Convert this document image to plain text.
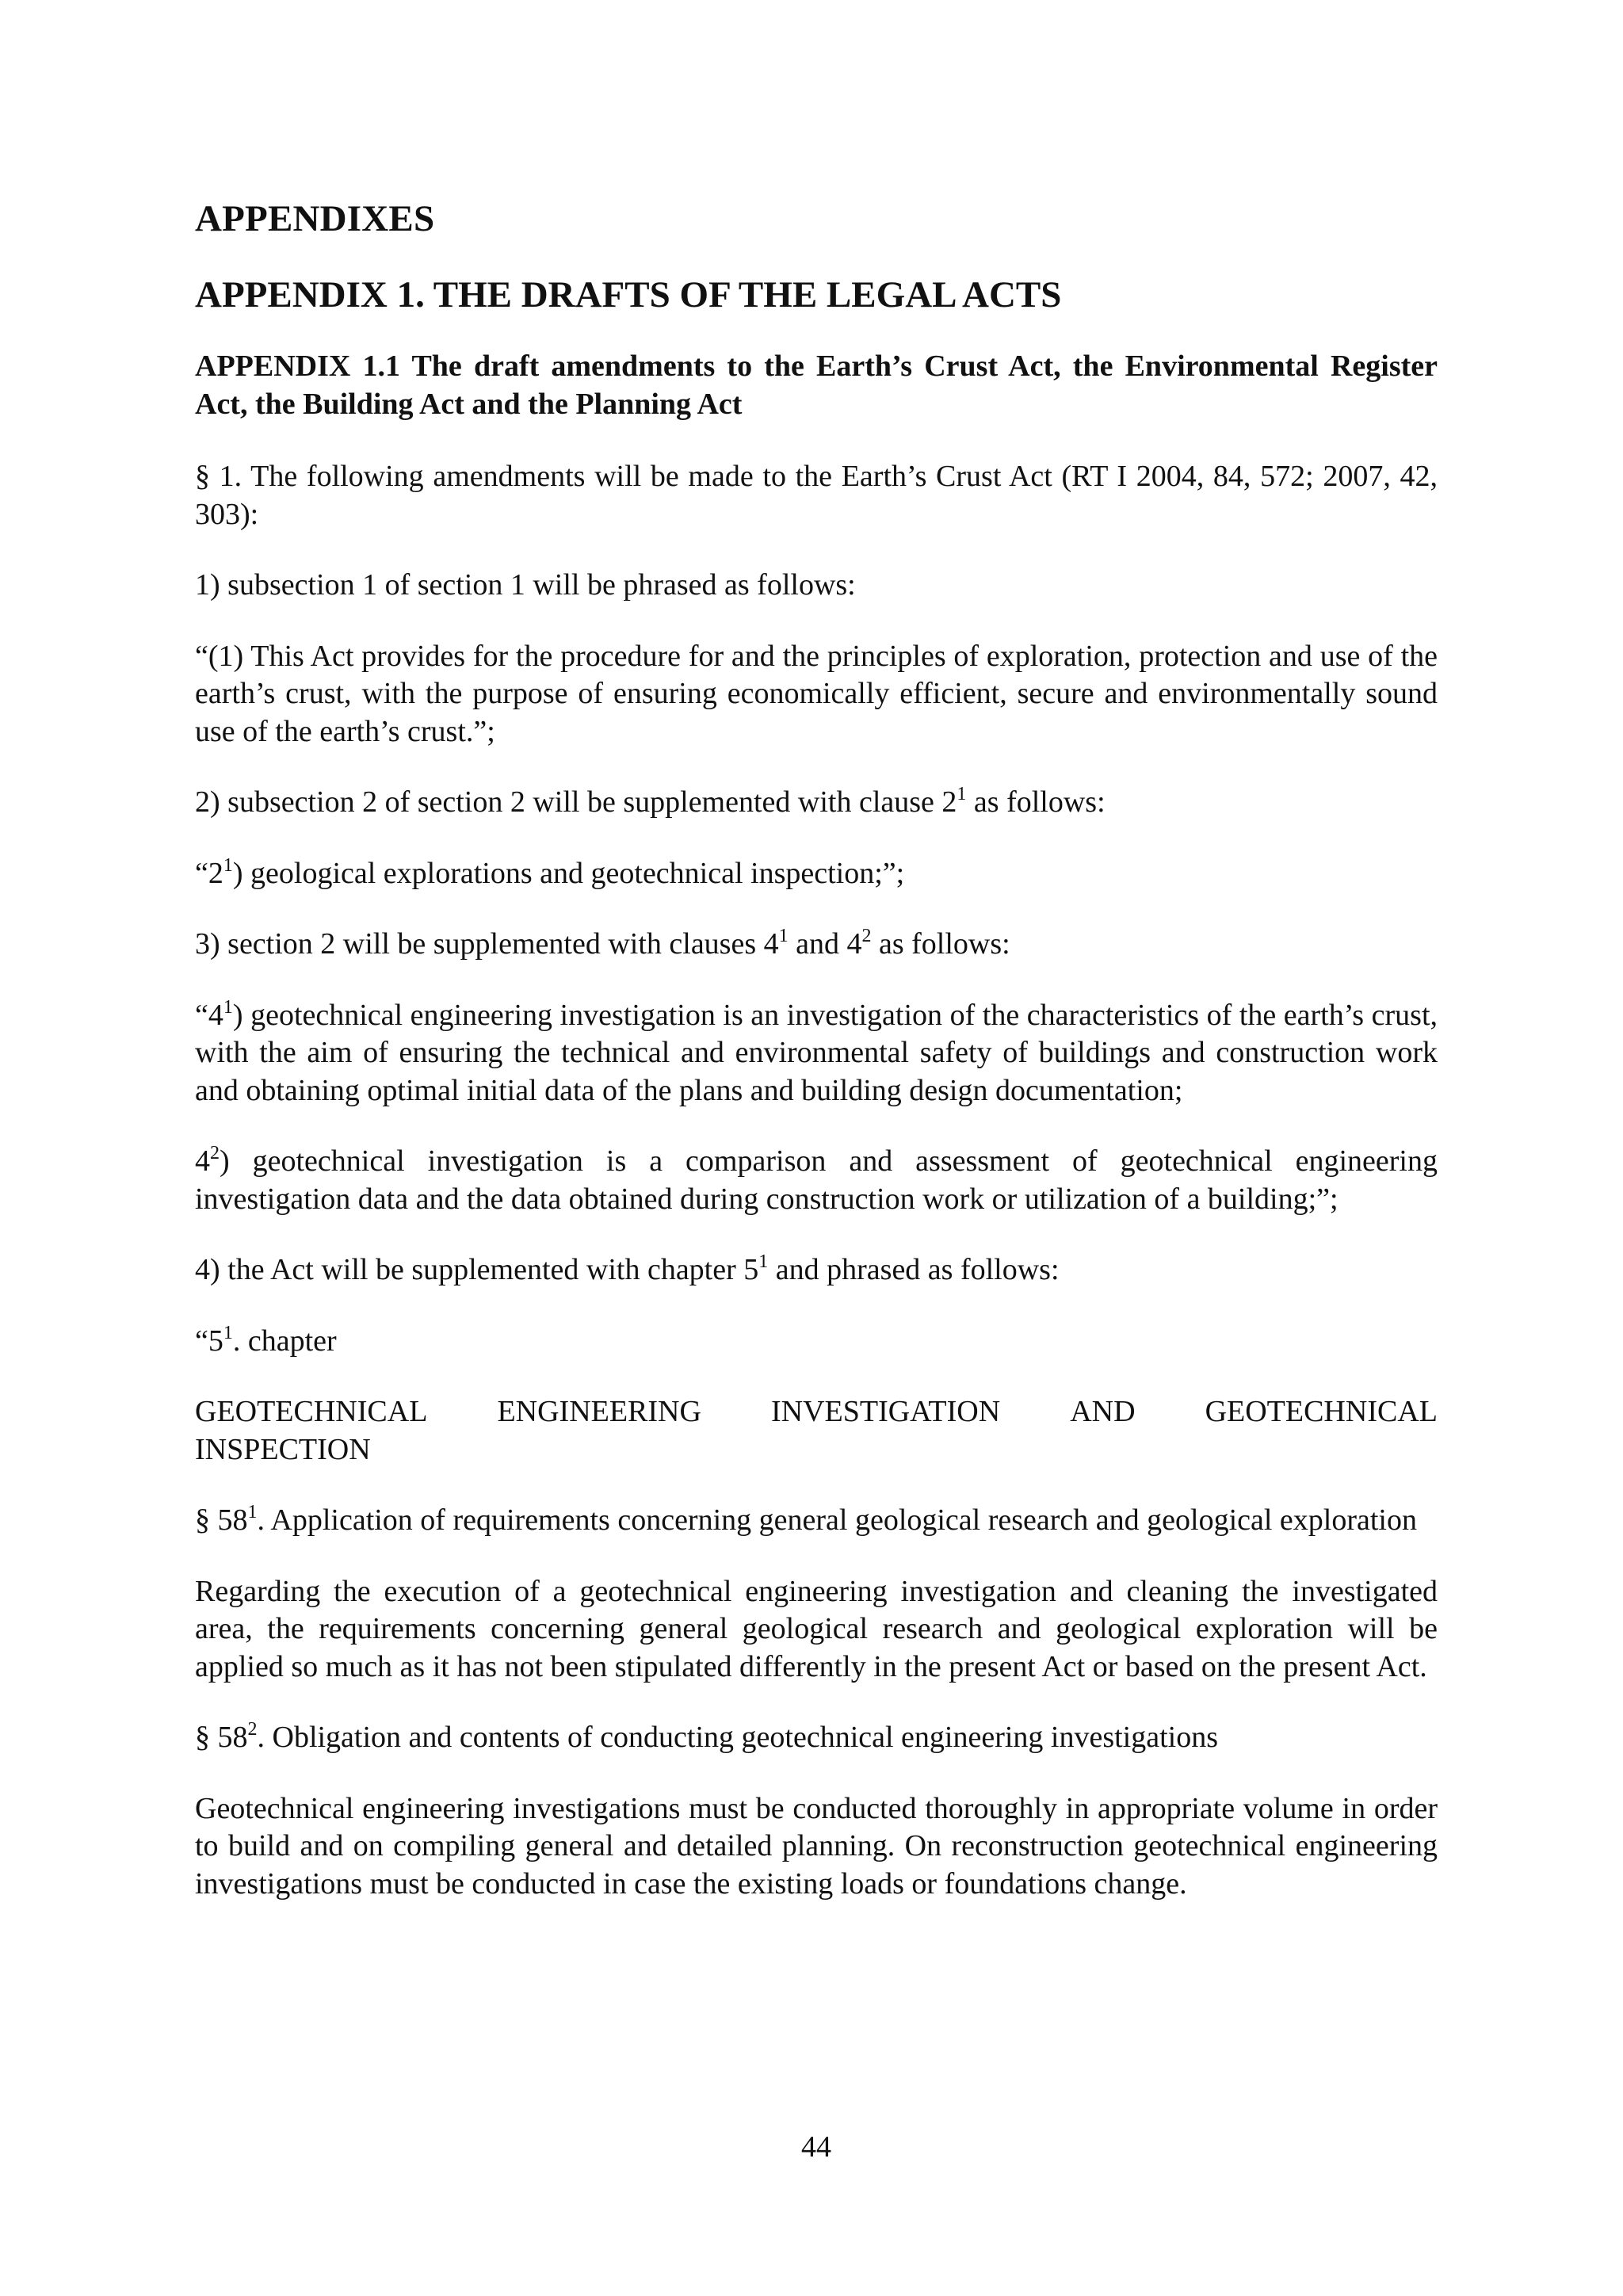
APPENDIXES
APPENDIX 1. THE DRAFTS OF THE LEGAL ACTS
APPENDIX 1.1 The draft amendments to the Earth’s Crust Act, the Environmental Register Act, the Building Act and the Planning Act

§ 1. The following amendments will be made to the Earth’s Crust Act (RT I 2004, 84, 572; 2007, 42, 303):

1) subsection 1 of section 1 will be phrased as follows:

“(1) This Act provides for the procedure for and the principles of exploration, protection and use of the earth’s crust, with the purpose of ensuring economically efficient, secure and environmentally sound use of the earth’s crust.”;

2) subsection 2 of section 2 will be supplemented with clause $2^1$ as follows:

“$2^1$) geological explorations and geotechnical inspection;”;

3) section 2 will be supplemented with clauses $4^1$ and $4^2$ as follows:

“$4^1$) geotechnical engineering investigation is an investigation of the characteristics of the earth’s crust, with the aim of ensuring the technical and environmental safety of buildings and construction work and obtaining optimal initial data of the plans and building design documentation;

$4^2$) geotechnical investigation is a comparison and assessment of geotechnical engineering investigation data and the data obtained during construction work or utilization of a building;”;

4) the Act will be supplemented with chapter $5^1$ and phrased as follows:

“$5^1$. chapter

GEOTECHNICAL ENGINEERING INVESTIGATION AND GEOTECHNICAL
INSPECTION

§ $58^1$. Application of requirements concerning general geological research and geological exploration

Regarding the execution of a geotechnical engineering investigation and cleaning the investigated area, the requirements concerning general geological research and geological exploration will be applied so much as it has not been stipulated differently in the present Act or based on the present Act.

§ $58^2$. Obligation and contents of conducting geotechnical engineering investigations

Geotechnical engineering investigations must be conducted thoroughly in appropriate volume in order to build and on compiling general and detailed planning. On reconstruction geotechnical engineering investigations must be conducted in case the existing loads or foundations change.

44
